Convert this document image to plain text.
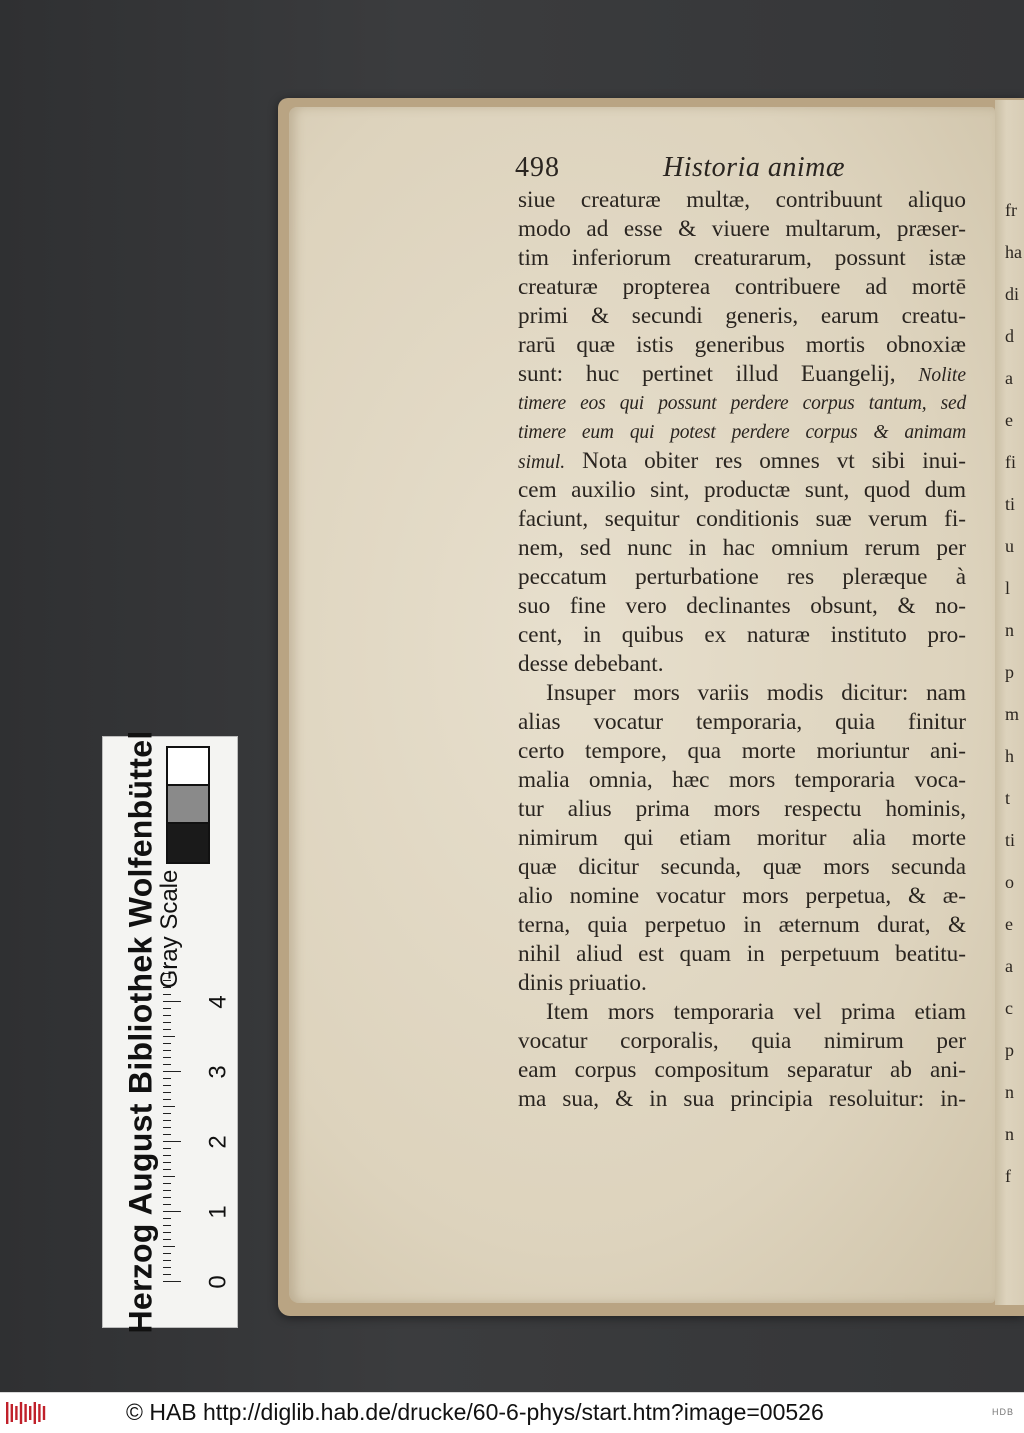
fr
ha
di
d
a
e
fi
ti
u
l
n
p
m
h
t
ti
o
e
a
c
p
n
n
f
498	Historia animæ
siue creaturæ multæ, contribuunt aliquo
modo ad esse & viuere multarum, præser-
tim inferiorum creaturarum, possunt istæ
creaturæ propterea contribuere ad mortē
primi & secundi generis, earum creatu-
rarū quæ istis generibus mortis obnoxiæ
sunt: huc pertinet illud Euangelij, Nolite
timere eos qui possunt perdere corpus tantum, sed
timere eum qui potest perdere corpus & animam
simul. Nota obiter res omnes vt sibi inui-
cem auxilio sint, productæ sunt, quod dum
faciunt, sequitur conditionis suæ verum fi-
nem, sed nunc in hac omnium rerum per
peccatum perturbatione res pleræque à
suo fine vero declinantes obsunt, & no-
cent, in quibus ex naturæ instituto pro-
desse debebant.
Insuper mors variis modis dicitur: nam
alias vocatur temporaria, quia finitur
certo tempore, qua morte moriuntur ani-
malia omnia, hæc mors temporaria voca-
tur alius prima mors respectu hominis,
nimirum qui etiam moritur alia morte
quæ dicitur secunda, quæ mors secunda
alio nomine vocatur mors perpetua, & æ-
terna, quia perpetuo in æternum durat, &
nihil aliud est quam in perpetuum beatitu-
dinis priuatio.
Item mors temporaria vel prima etiam
vocatur corporalis, quia nimirum per
eam corpus compositum separatur ab ani-
ma sua, & in sua principia resoluitur: in-
Herzog August Bibliothek Wolfenbüttel
Gray Scale
0
1
2
3
4
© HAB http://diglib.hab.de/drucke/60-6-phys/start.htm?image=00526	HDB
